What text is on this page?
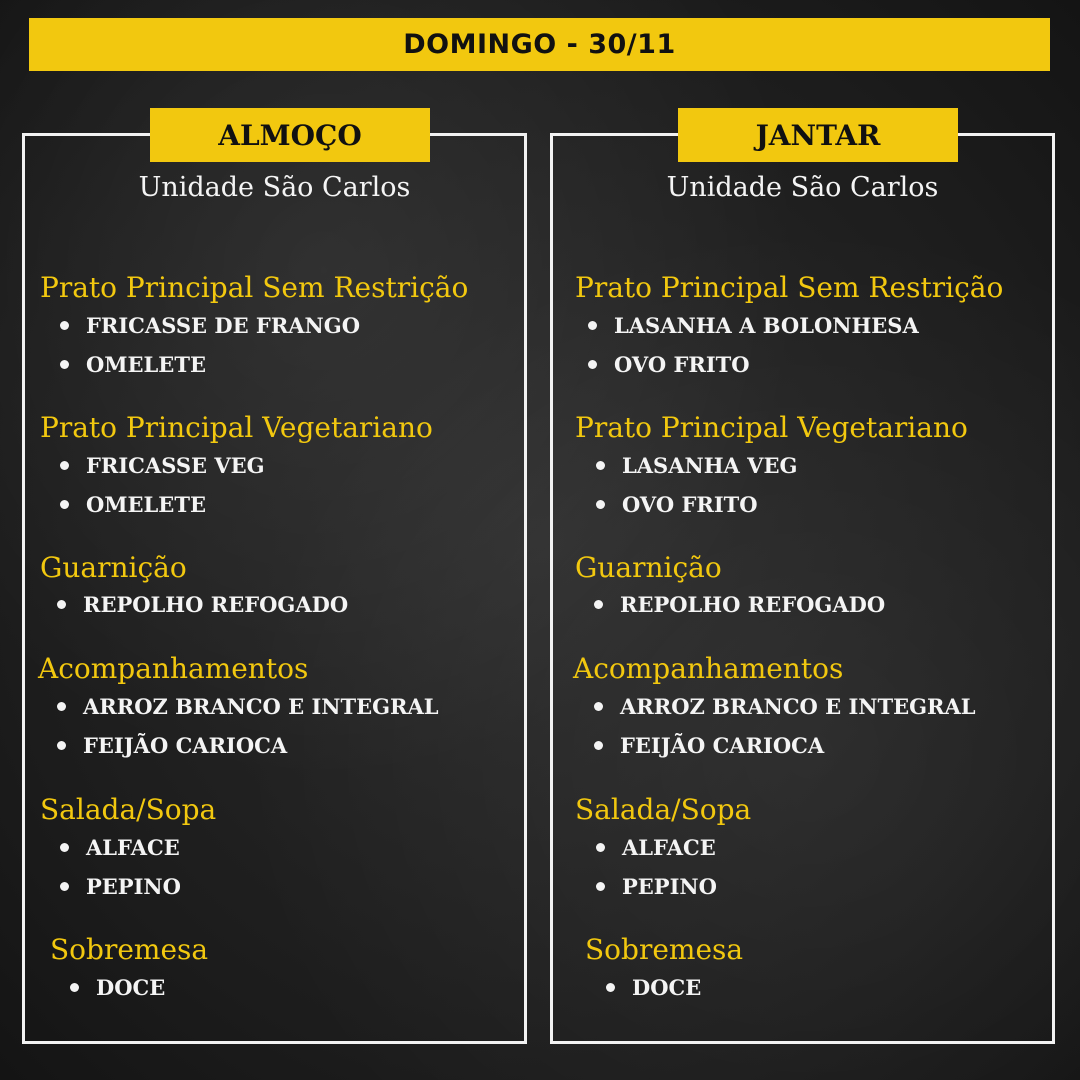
DOMINGO - 30/11
ALMOÇO
Unidade São Carlos
Prato Principal Sem Restrição
FRICASSE DE FRANGO
OMELETE
Prato Principal Vegetariano
FRICASSE VEG
OMELETE
Guarnição
REPOLHO REFOGADO
Acompanhamentos
ARROZ BRANCO E INTEGRAL
FEIJÃO CARIOCA
Salada/Sopa
ALFACE
PEPINO
Sobremesa
DOCE
JANTAR
Unidade São Carlos
Prato Principal Sem Restrição
LASANHA A BOLONHESA
OVO FRITO
Prato Principal Vegetariano
LASANHA VEG
OVO FRITO
Guarnição
REPOLHO REFOGADO
Acompanhamentos
ARROZ BRANCO E INTEGRAL
FEIJÃO CARIOCA
Salada/Sopa
ALFACE
PEPINO
Sobremesa
DOCE
